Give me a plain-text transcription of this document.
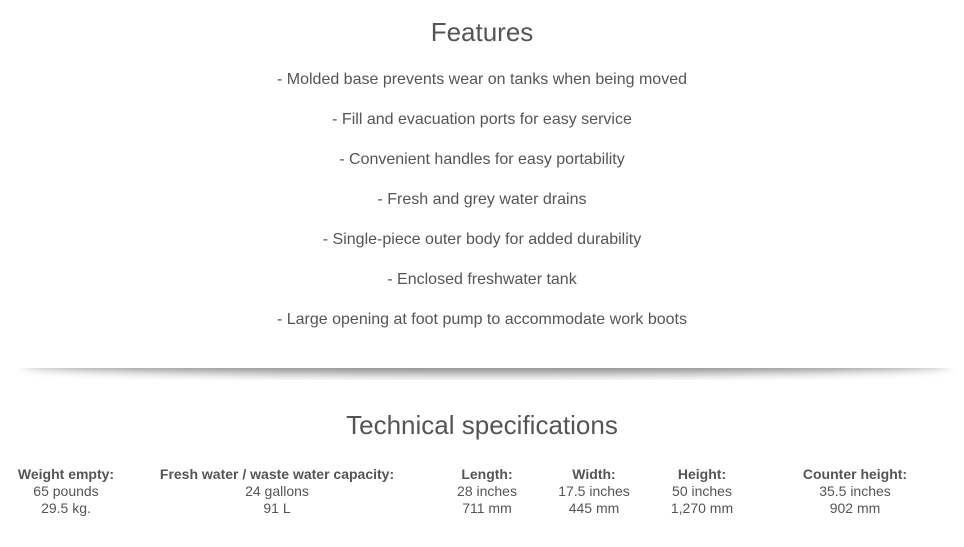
Features
- Molded base prevents wear on tanks when being moved
- Fill and evacuation ports for easy service
- Convenient handles for easy portability
- Fresh and grey water drains
- Single-piece outer body for added durability
- Enclosed freshwater tank
- Large opening at foot pump to accommodate work boots
Technical specifications
Weight empty:
65 pounds
29.5 kg.
Fresh water / waste water capacity:
24 gallons
91 L
Length:
28 inches
711 mm
Width:
17.5 inches
445 mm
Height:
50 inches
1,270 mm
Counter height:
35.5 inches
902 mm
